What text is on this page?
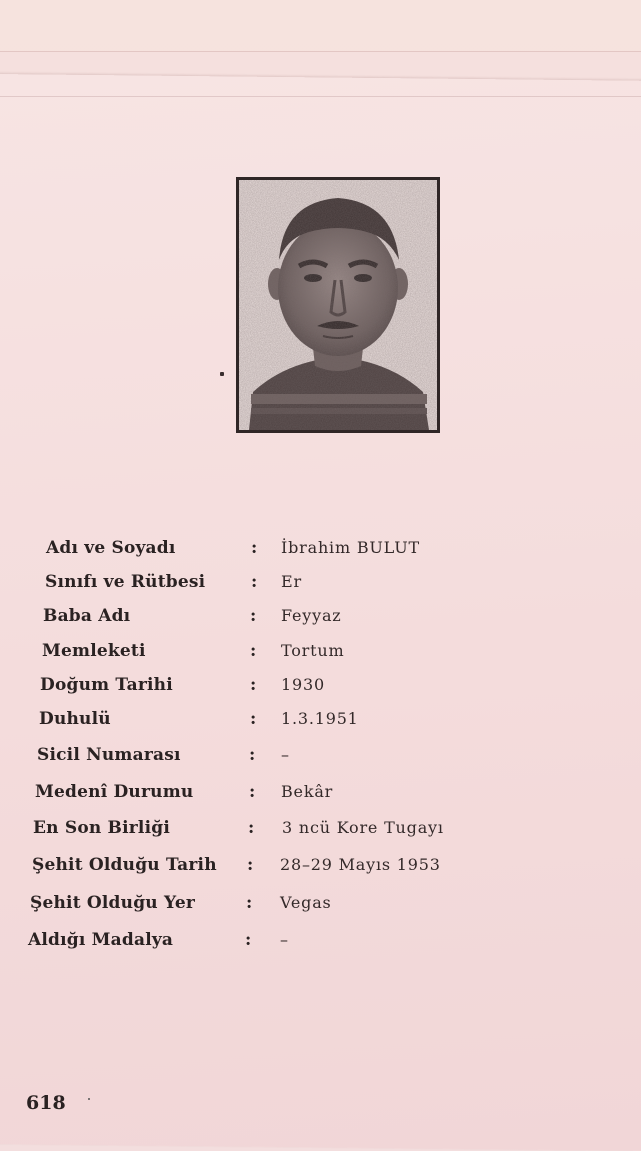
Adı ve Soyadı	: İbrahim BULUT
Sınıfı ve Rütbesi	: Er
Baba Adı	: Feyyaz
Memleketi	: Tortum
Doğum Tarihi	: 1930
Duhulü	: 1.3.1951
Sicil Numarası	: –
Medenî Durumu	: Bekâr
En Son Birliği	: 3 ncü Kore Tugayı
Şehit Olduğu Tarih : 28–29 Mayıs 1953
Şehit Olduğu Yer	: Vegas
Aldığı Madalya	: –
618
